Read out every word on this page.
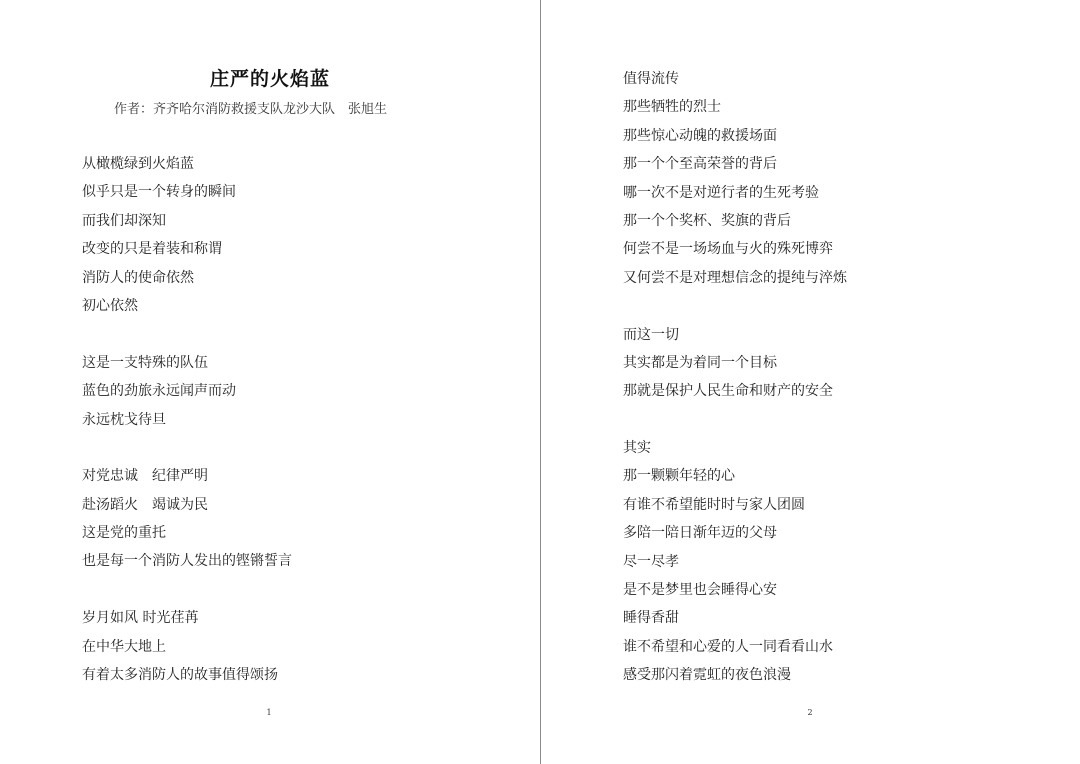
庄严的火焰蓝
作者：齐齐哈尔消防救援支队龙沙大队　张旭生
从橄榄绿到火焰蓝
似乎只是一个转身的瞬间
而我们却深知
改变的只是着装和称谓
消防人的使命依然
初心依然
这是一支特殊的队伍
蓝色的劲旅永远闻声而动
永远枕戈待旦
对党忠诚　纪律严明
赴汤蹈火　竭诚为民
这是党的重托
也是每一个消防人发出的铿锵誓言
岁月如风 时光荏苒
在中华大地上
有着太多消防人的故事值得颂扬
1
值得流传
那些牺牲的烈士
那些惊心动魄的救援场面
那一个个至高荣誉的背后
哪一次不是对逆行者的生死考验
那一个个奖杯、奖旗的背后
何尝不是一场场血与火的殊死博弈
又何尝不是对理想信念的提纯与淬炼
而这一切
其实都是为着同一个目标
那就是保护人民生命和财产的安全
其实
那一颗颗年轻的心
有谁不希望能时时与家人团圆
多陪一陪日渐年迈的父母
尽一尽孝
是不是梦里也会睡得心安
睡得香甜
谁不希望和心爱的人一同看看山水
感受那闪着霓虹的夜色浪漫
2
